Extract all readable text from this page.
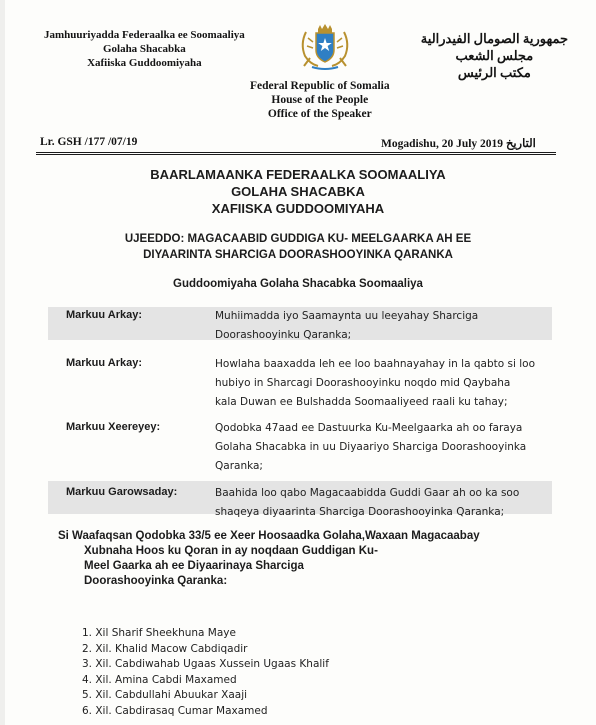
Jamhuuriyadda Federaalka ee Soomaaliya
Golaha Shacabka
Xafiiska Guddoomiyaha
جمهورية الصومال الفيدرالية
مجلس الشعب
مكتب الرئيس
Federal Republic of Somalia
House of the People
Office of the Speaker
Lr. GSH /177 /07/19	Mogadishu, 20 July 2019 التاريخ
BAARLAMAANKA FEDERAALKA SOOMAALIYA
GOLAHA SHACABKA
XAFIISKA GUDDOOMIYAHA
UJEEDDO: MAGACAABID GUDDIGA KU- MEELGAARKA AH EE
DIYAARINTA SHARCIGA DOORASHOOYINKA QARANKA
Guddoomiyaha Golaha Shacabka Soomaaliya
Markuu Arkay:	Muhiimadda iyo Saamaynta uu leeyahay Sharciga
Doorashooyinku Qaranka;
Markuu Arkay:	Howlaha baaxadda leh ee loo baahnayahay in la qabto si loo
hubiyo in Sharcagi Doorashooyinku noqdo mid Qaybaha
kala Duwan ee Bulshadda Soomaaliyeed raali ku tahay;
Markuu Xeereyey:	Qodobka 47aad ee Dastuurka Ku-Meelgaarka ah oo faraya
Golaha Shacabka in uu Diyaariyo Sharciga Doorashooyinka
Qaranka;
Markuu Garowsaday:	Baahida loo qabo Magacaabidda Guddi Gaar ah oo ka soo
shaqeya diyaarinta Sharciga Doorashooyinka Qaranka;
Si Waafaqsan Qodobka 33/5 ee Xeer Hoosaadka Golaha,Waxaan Magacaabay
Xubnaha Hoos ku Qoran in ay noqdaan Guddigan Ku-
Meel Gaarka ah ee Diyaarinaya Sharciga
Doorashooyinka Qaranka:
1. Xil Sharif Sheekhuna Maye
2. Xil. Khalid Macow Cabdiqadir
3. Xil. Cabdiwahab Ugaas Xussein Ugaas Khalif
4. Xil. Amina Cabdi Maxamed
5. Xil. Cabdullahi Abuukar Xaaji
6. Xil. Cabdirasaq Cumar Maxamed
